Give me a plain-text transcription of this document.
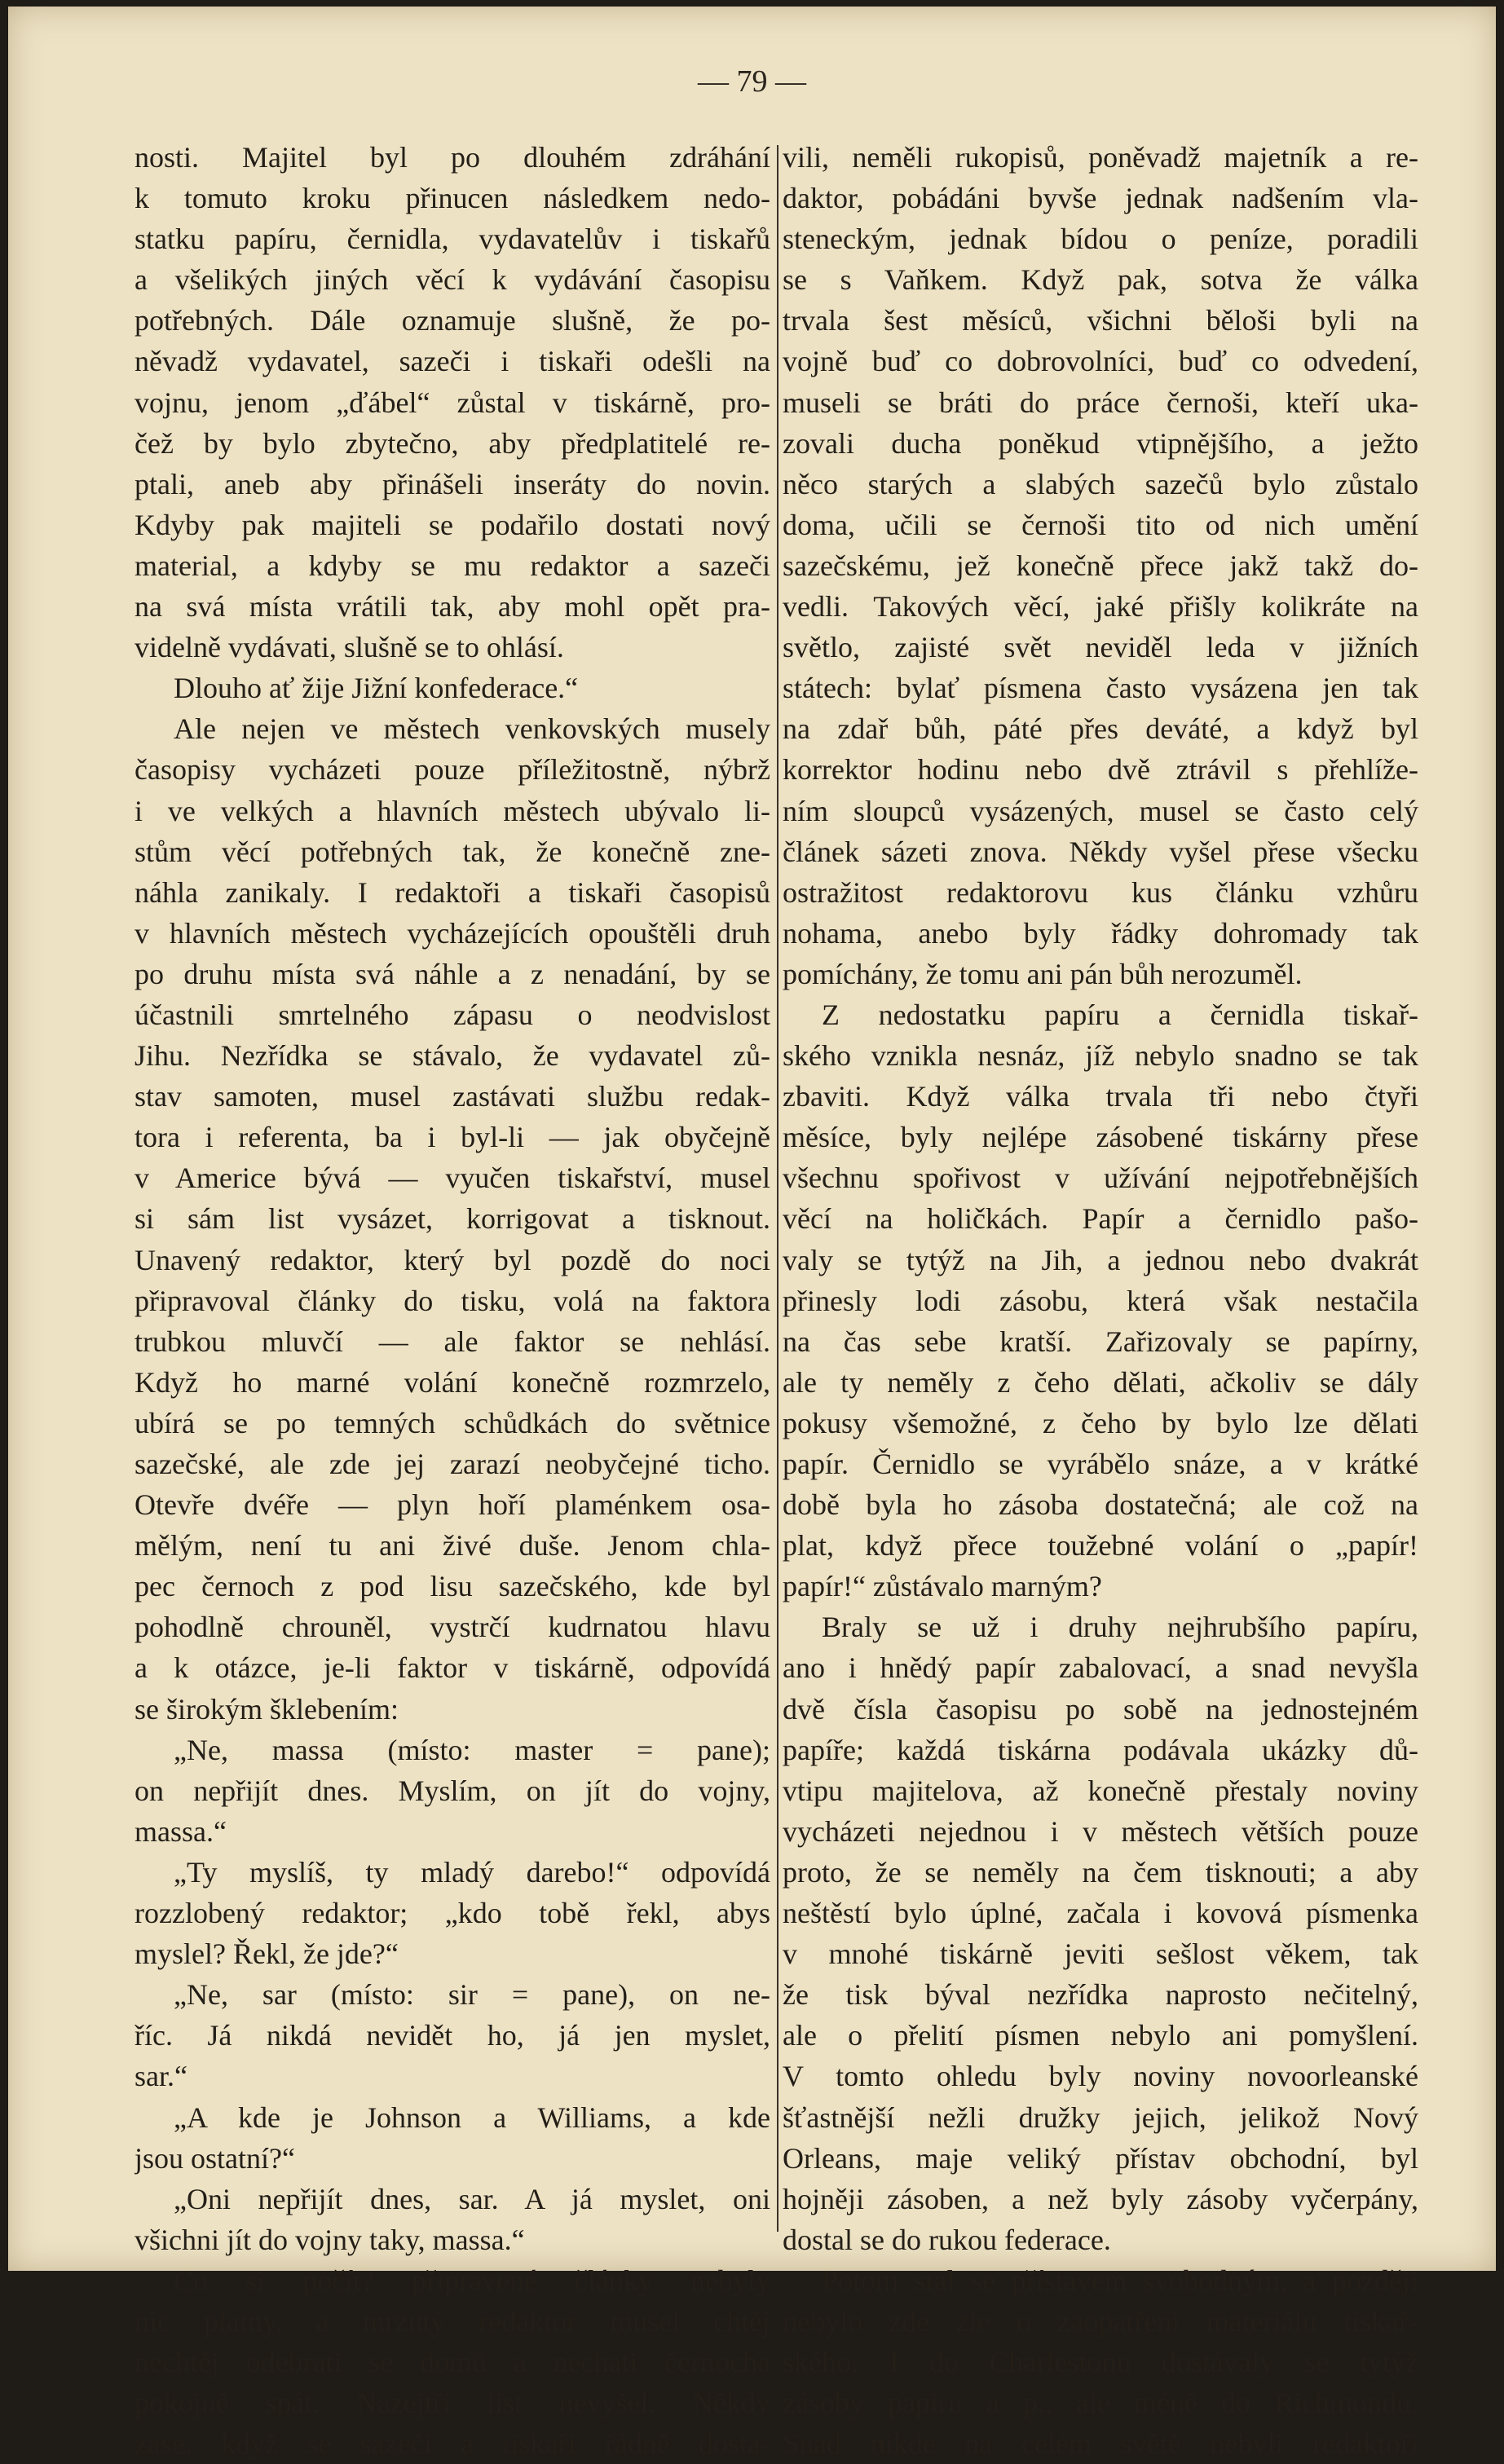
— 79 —
nosti. Majitel byl po dlouhém zdráhání
k tomuto kroku přinucen následkem nedo-
statku papíru, černidla, vydavatelův i tiskařů
a všelikých jiných věcí k vydávání časopisu
potřebných. Dále oznamuje slušně, že po-
něvadž vydavatel, sazeči i tiskaři odešli na
vojnu, jenom „ďábel“ zůstal v tiskárně, pro-
čež by bylo zbytečno, aby předplatitelé re-
ptali, aneb aby přinášeli inseráty do novin.
Kdyby pak majiteli se podařilo dostati nový
material, a kdyby se mu redaktor a sazeči
na svá místa vrátili tak, aby mohl opět pra-
videlně vydávati, slušně se to ohlásí.
Dlouho ať žije Jižní konfederace.“
Ale nejen ve městech venkovských musely
časopisy vycházeti pouze příležitostně, nýbrž
i ve velkých a hlavních městech ubývalo li-
stům věcí potřebných tak, že konečně zne-
náhla zanikaly. I redaktoři a tiskaři časopisů
v hlavních městech vycházejících opouštěli druh
po druhu místa svá náhle a z nenadání, by se
účastnili smrtelného zápasu o neodvislost
Jihu. Nezřídka se stávalo, že vydavatel zů-
stav samoten, musel zastávati službu redak-
tora i referenta, ba i byl-li — jak obyčejně
v Americe bývá — vyučen tiskařství, musel
si sám list vysázet, korrigovat a tisknout.
Unavený redaktor, který byl pozdě do noci
připravoval články do tisku, volá na faktora
trubkou mluvčí — ale faktor se nehlásí.
Když ho marné volání konečně rozmrzelo,
ubírá se po temných schůdkách do světnice
sazečské, ale zde jej zarazí neobyčejné ticho.
Otevře dvéře — plyn hoří plaménkem osa-
mělým, není tu ani živé duše. Jenom chla-
pec černoch z pod lisu sazečského, kde byl
pohodlně chrouněl, vystrčí kudrnatou hlavu
a k otázce, je-li faktor v tiskárně, odpovídá
se širokým šklebením:
„Ne, massa (místo: master = pane);
on nepřijít dnes. Myslím, on jít do vojny,
massa.“
„Ty myslíš, ty mladý darebo!“ odpovídá
rozzlobený redaktor; „kdo tobě řekl, abys
myslel? Řekl, že jde?“
„Ne, sar (místo: sir = pane), on ne-
říc. Já nikdá nevidět ho, já jen myslet,
sar.“
„A kde je Johnson a Williams, a kde
jsou ostatní?“
„Oni nepřijít dnes, sar. A já myslet, oni
všichni jít do vojny taky, massa.“
Co si počít? připravené články nebyly
nic platny, a mrzutý redaktor musel chtěj
nechtěj odebrati se domů a nechati černocha
pokojně spát. Nazejtří list nevyšel. Někdy
zase, když se sazeči a tiskaři řádně dosta-
vili, neměli rukopisů, poněvadž majetník a re-
daktor, pobádáni byvše jednak nadšením vla-
steneckým, jednak bídou o peníze, poradili
se s Vaňkem. Když pak, sotva že válka
trvala šest měsíců, všichni běloši byli na
vojně buď co dobrovolníci, buď co odvedení,
museli se bráti do práce černoši, kteří uka-
zovali ducha poněkud vtipnějšího, a ježto
něco starých a slabých sazečů bylo zůstalo
doma, učili se černoši tito od nich umění
sazečskému, jež konečně přece jakž takž do-
vedli. Takových věcí, jaké přišly kolikráte na
světlo, zajisté svět neviděl leda v jižních
státech: bylať písmena často vysázena jen tak
na zdař bůh, páté přes deváté, a když byl
korrektor hodinu nebo dvě ztrávil s přehlíže-
ním sloupců vysázených, musel se často celý
článek sázeti znova. Někdy vyšel přese všecku
ostražitost redaktorovu kus článku vzhůru
nohama, anebo byly řádky dohromady tak
pomíchány, že tomu ani pán bůh nerozuměl.
Z nedostatku papíru a černidla tiskař-
ského vznikla nesnáz, jíž nebylo snadno se tak
zbaviti. Když válka trvala tři nebo čtyři
měsíce, byly nejlépe zásobené tiskárny přese
všechnu spořivost v užívání nejpotřebnějších
věcí na holičkách. Papír a černidlo pašo-
valy se tytýž na Jih, a jednou nebo dvakrát
přinesly lodi zásobu, která však nestačila
na čas sebe kratší. Zařizovaly se papírny,
ale ty neměly z čeho dělati, ačkoliv se dály
pokusy všemožné, z čeho by bylo lze dělati
papír. Černidlo se vyrábělo snáze, a v krátké
době byla ho zásoba dostatečná; ale což na
plat, když přece toužebné volání o „papír!
papír!“ zůstávalo marným?
Braly se už i druhy nejhrubšího papíru,
ano i hnědý papír zabalovací, a snad nevyšla
dvě čísla časopisu po sobě na jednostejném
papíře; každá tiskárna podávala ukázky dů-
vtipu majitelova, až konečně přestaly noviny
vycházeti nejednou i v městech větších pouze
proto, že se neměly na čem tisknouti; a aby
neštěstí bylo úplné, začala i kovová písmenka
v mnohé tiskárně jeviti sešlost věkem, tak
že tisk býval nezřídka naprosto nečitelný,
ale o přelití písmen nebylo ani pomyšlení.
V tomto ohledu byly noviny novoorleanské
šťastnější nežli družky jejich, jelikož Nový
Orleans, maje veliký přístav obchodní, byl
hojněji zásoben, a než byly zásoby vyčerpány,
dostal se do rukou federace.
Potom stal se přístavem svobodným, a později
nebylo zde zle o zaopatření materiálu tiskař-
ského. I do Charlestonu dostávaly se tytýž
zásoby papíru a p., ale méně do Richmondu.
Snad nikde na celém světě nebyli redaktoři
